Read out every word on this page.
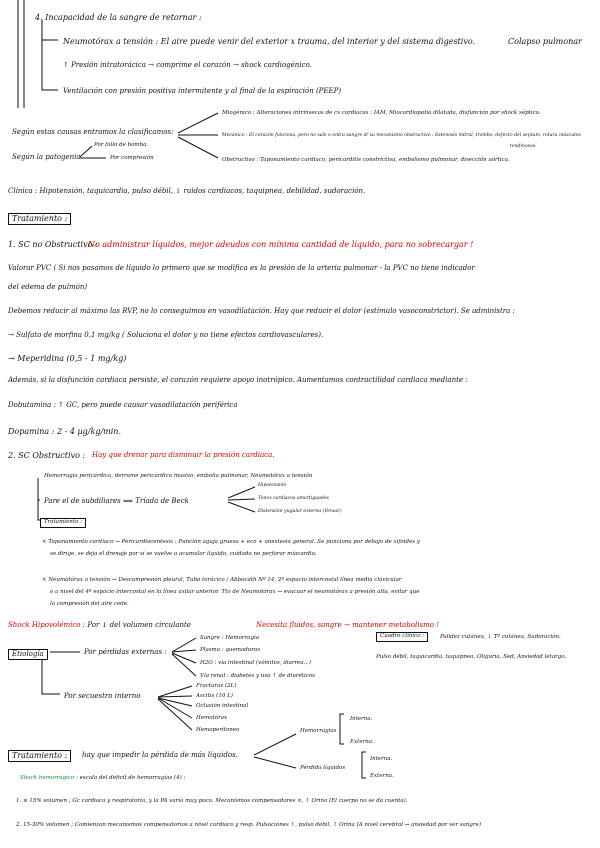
4. Incapacidad de la sangre de retornar :
Neumotórax a tensión : El aire puede venir del exterior x trauma, del interior y del sistema digestivo.	Colapso pulmonar
↑ Presión intratorácica → comprime el corazón → shock cardiogénico.
Ventilación con presión positiva intermitente y al final de la espiración (PEEP)
Miogénico : Alteraciones intrínsecas de cs cardiacas : IAM, Miocardiopatía dilatada, disfunción por shock séptico.
Mecánico : El corazón funciona, pero no sale o entra sangre d/ su mecanismo obstructivo : Estenosis mitral, trombo, defecto del septum, rotura músculos
tendinosos.
Obstructivo : Taponamiento cardiaco, pericarditis constrictiva, embolismo pulmonar, disección aórtica.
Según estas causas entramos la clasificamos:
Según la patogenia
Por fallo de bomba.
Por compresión
Clínica : Hipotensión, taquicardia, pulso débil, ↓ ruidos cardiacos, taquipnea, debilidad, sudoración.
Tratamiento :
1. SC no Obstructivo :
No administrar líquidos, mejor adeudos con mínima cantidad de líquido, para no sobrecargar !
Valorar PVC ( Si nos pasamos de líquido lo primero que se modifica es la presión de la arteria pulmonar - la PVC no tiene indicador
del edema de pulmón)
Debemos reducir al máximo las RVP, no lo conseguimos en vasodilatación. Hay que reducir el dolor (estímulo vasoconstrictor). Se administra :
→ Sulfato de morfina 0,1 mg/kg ( Soluciona el dolor y no tiene efectos cardiovasculares).
→ Meperidina (0,5 - 1 mg/kg)
Además, si la disfunción cardiaca persiste, el corazón requiere apoyo inotrópico. Aumentamos contractilidad cardiaca mediante :
Dobutamina : ↑ GC, pero puede causar vasodilatación periférica
Dopamina : 2 - 4 µg/kg/min.
2. SC Obstructivo : Hay que drenar para disminuir la presión cardiaca.
Hemorragia pericárdica, derrame pericárdico masivo, embolia pulmonar, Neumotórax a tensión
Pare el de subdiliares ⟹ Tríada de Beck
Hipotensión
Tonos cardiacos amortiguados
Distensión yugular externa (Venas!)
Tratamiento :
× Taponamiento cardíaco → Pericardiocentesis : Punción aguja gruesa + eco + anestesia general. Se punciona por debajo de xifoides y
se dirige, se deja el drenaje por si se vuelve a acumular líquido, cuidado no perforar miocardio.
× Neumotórax a tensión → Descompresión pleural, Tubo torácico / Abbocath Nº 14, 2º espacio intercostal línea media clavicular
o a nivel del 4º espacio intercostal en la línea axilar anterior. Tto de Neumotórax → evacuar el neumotórax a presión alta, evitar que
la compresión del aire cede.
Shock Hipovolémico : Por ↓ del volumen circulante	Necesita fluidos, sangre → mantener metabolismo !
Cuadro clínico :	Palidez cutánea, ↓ Tº cutánea, Sudoración.
Pulso débil, taquicardia, taquipnea, Oliguria, Sed, Ansiedad letargo.
Etiología	Por pérdidas externas :
Sangre : Hemorragia
Plasma : quemaduras
H2O : vía intestinal (vómitos, diarrea...)
Vía renal : diabetes y uso ↑ de diuréticos
Por secuestro interno
Fracturas (2L)
Ascitis (10 L)
Oclusión intestinal
Hemotórax
Hemoperitoneo
Interna.
Hemorragias
Externa.
Tratamiento :	hay que impedir la pérdida de más líquidos.	Interna.
Pérdida líquidos
Externa.
Shock hemorrágico : escala del déficit de hemorragias (4) :
1. ≤ 15% volumen ; Gc cardiaca y respiratoria, y la PA varía muy poco. Mecanismos compensadores ×, ↑ Orina (El cuerpo no se da cuenta).
2. 15-30% volumen ; Comienzan mecanismos compensatorios a nivel cardiaco y resp. Pulsaciones ↑, pulso débil, ↑ Orina (A nivel cerebral → ansiedad por ver sangre)
